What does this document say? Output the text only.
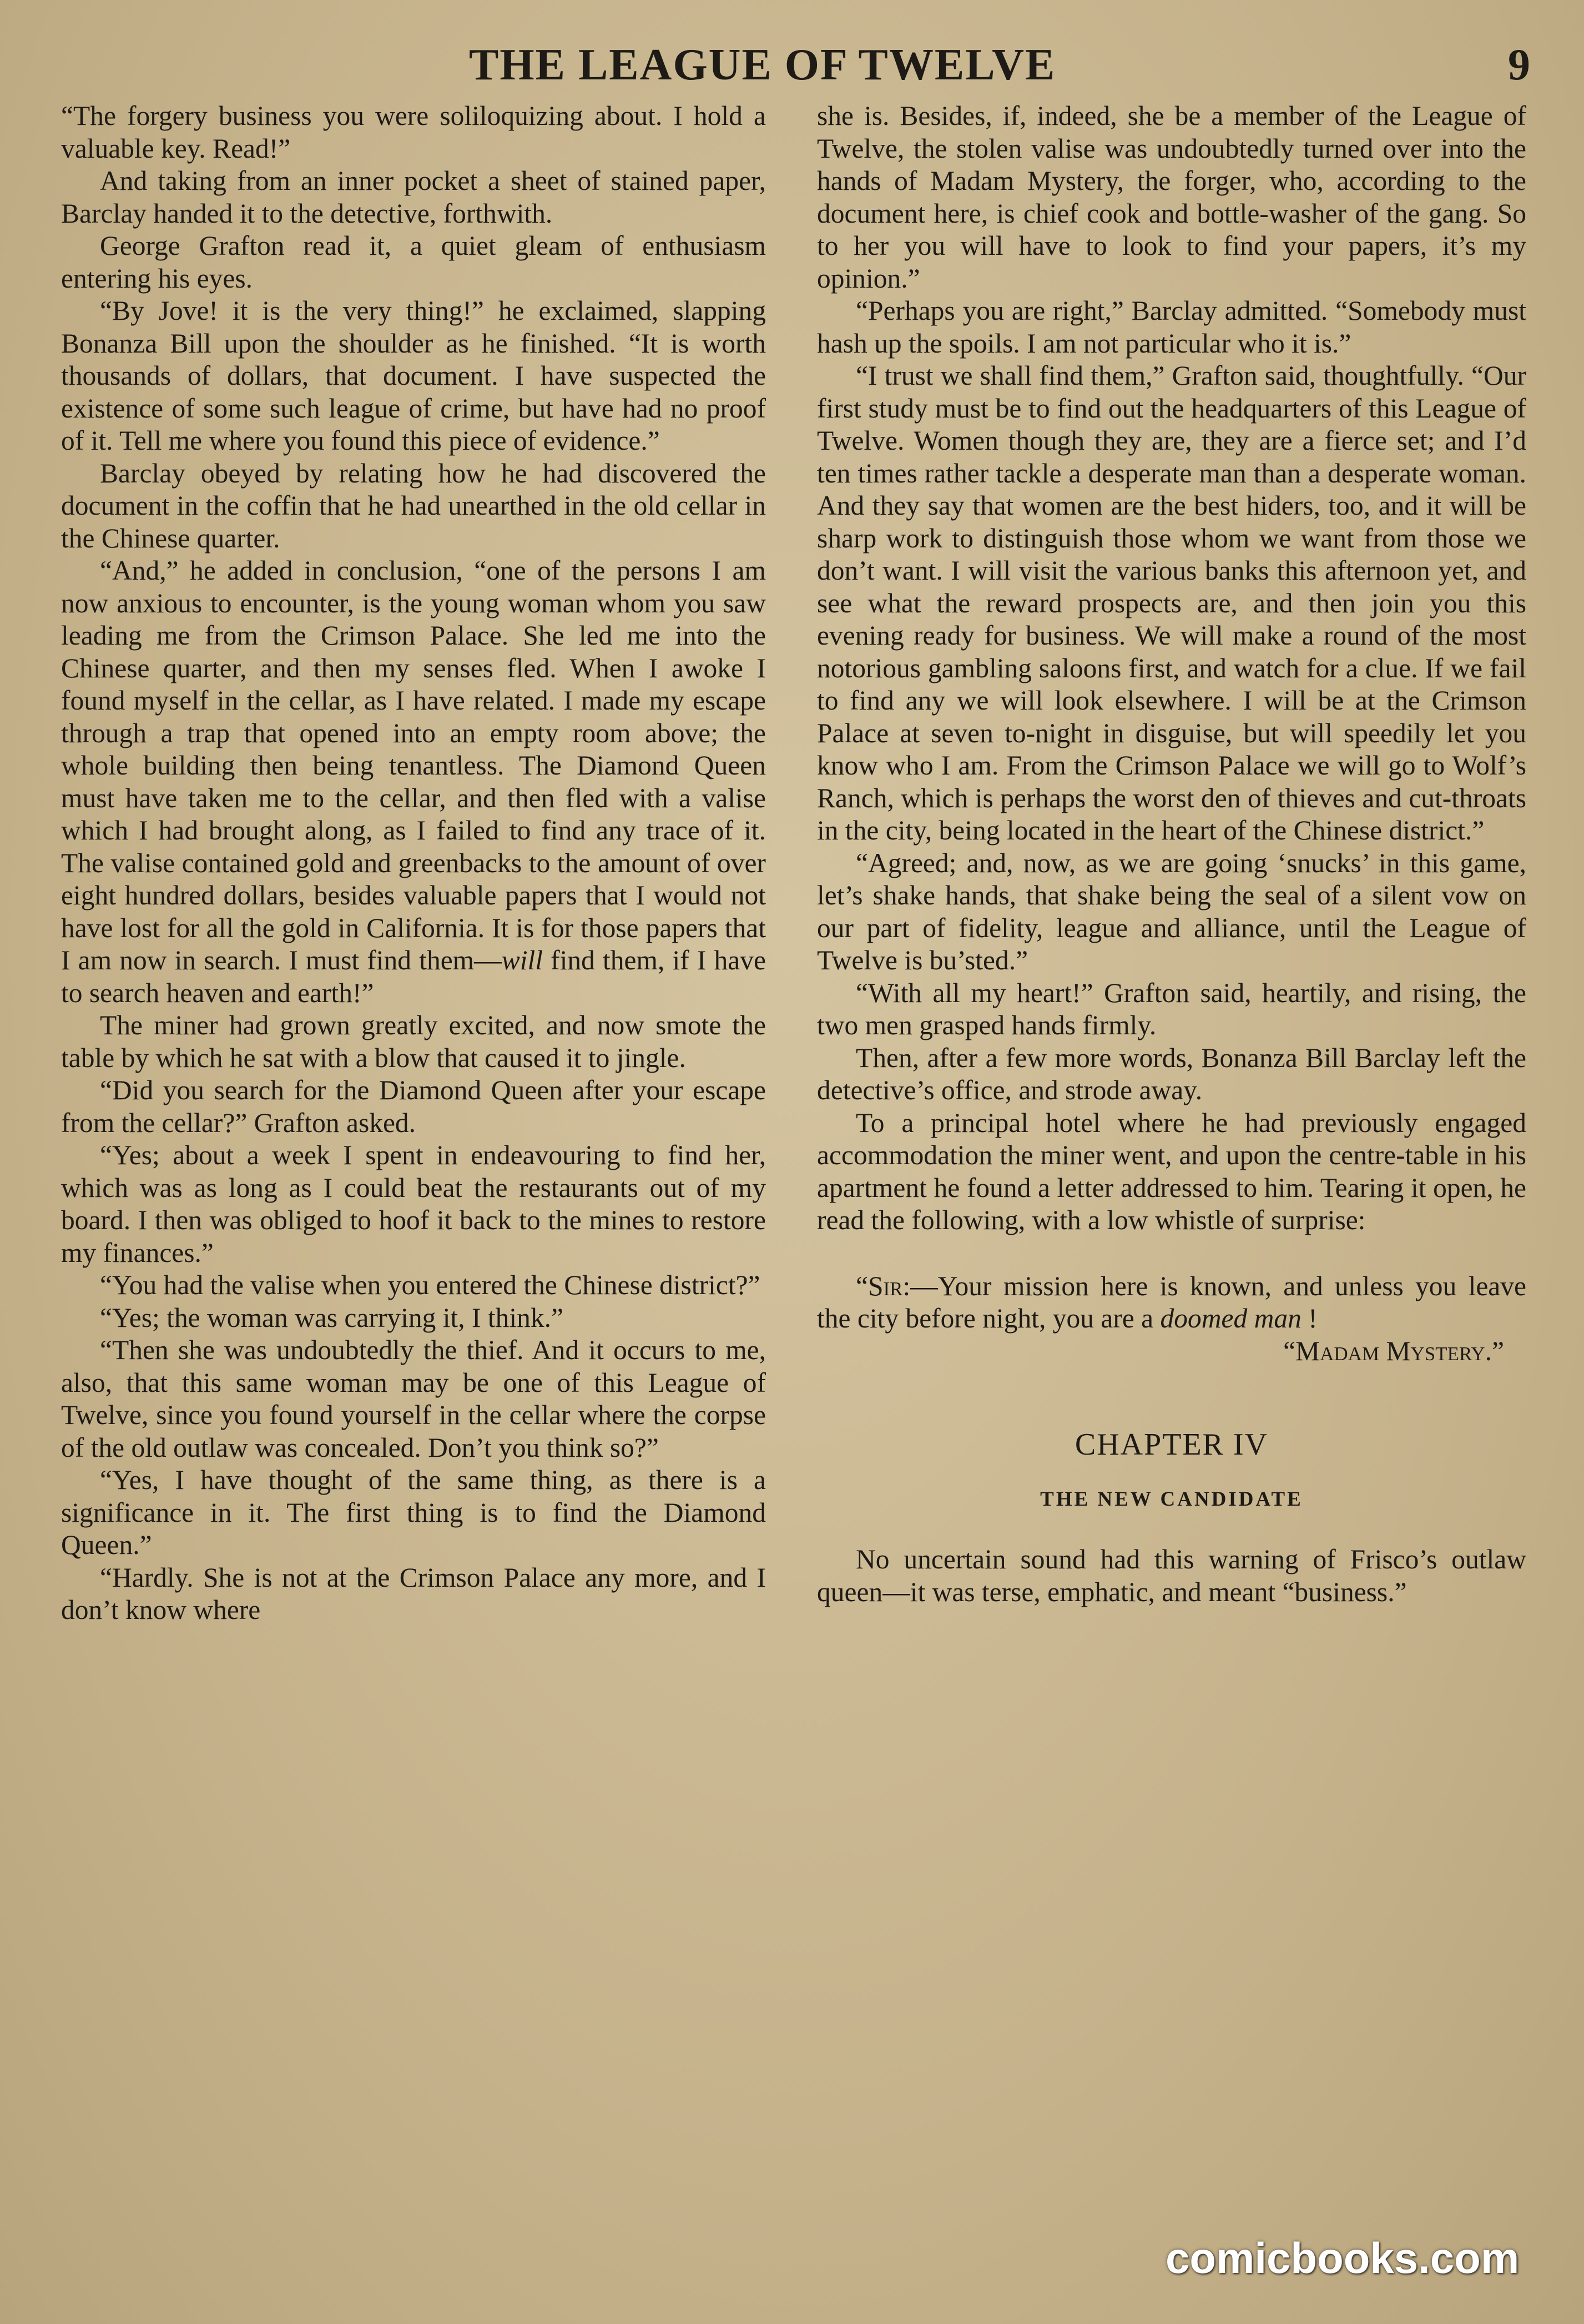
THE LEAGUE OF TWELVE	9

“The forgery business you were soliloquizing about. I hold a valuable key. Read!”

And taking from an inner pocket a sheet of stained paper, Barclay handed it to the detective, forthwith.

George Grafton read it, a quiet gleam of enthusiasm entering his eyes.

“By Jove! it is the very thing!” he exclaimed, slapping Bonanza Bill upon the shoulder as he finished. “It is worth thousands of dollars, that document. I have suspected the existence of some such league of crime, but have had no proof of it. Tell me where you found this piece of evidence.”

Barclay obeyed by relating how he had discovered the document in the coffin that he had unearthed in the old cellar in the Chinese quarter.

“And,” he added in conclusion, “one of the persons I am now anxious to encounter, is the young woman whom you saw leading me from the Crimson Palace. She led me into the Chinese quarter, and then my senses fled. When I awoke I found myself in the cellar, as I have related. I made my escape through a trap that opened into an empty room above; the whole building then being tenantless. The Diamond Queen must have taken me to the cellar, and then fled with a valise which I had brought along, as I failed to find any trace of it. The valise contained gold and greenbacks to the amount of over eight hundred dollars, besides valuable papers that I would not have lost for all the gold in California. It is for those papers that I am now in search. I must find them—will find them, if I have to search heaven and earth!”

The miner had grown greatly excited, and now smote the table by which he sat with a blow that caused it to jingle.

“Did you search for the Diamond Queen after your escape from the cellar?” Grafton asked.

“Yes; about a week I spent in endeavouring to find her, which was as long as I could beat the restaurants out of my board. I then was obliged to hoof it back to the mines to restore my finances.”

“You had the valise when you entered the Chinese district?”

“Yes; the woman was carrying it, I think.”

“Then she was undoubtedly the thief. And it occurs to me, also, that this same woman may be one of this League of Twelve, since you found yourself in the cellar where the corpse of the old outlaw was concealed. Don’t you think so?”

“Yes, I have thought of the same thing, as there is a significance in it. The first thing is to find the Diamond Queen.”

“Hardly. She is not at the Crimson Palace any more, and I don’t know where

she is. Besides, if, indeed, she be a member of the League of Twelve, the stolen valise was undoubtedly turned over into the hands of Madam Mystery, the forger, who, according to the document here, is chief cook and bottle-washer of the gang. So to her you will have to look to find your papers, it’s my opinion.”

“Perhaps you are right,” Barclay admitted. “Somebody must hash up the spoils. I am not particular who it is.”

“I trust we shall find them,” Grafton said, thoughtfully. “Our first study must be to find out the headquarters of this League of Twelve. Women though they are, they are a fierce set; and I’d ten times rather tackle a desperate man than a desperate woman. And they say that women are the best hiders, too, and it will be sharp work to distinguish those whom we want from those we don’t want. I will visit the various banks this afternoon yet, and see what the reward prospects are, and then join you this evening ready for business. We will make a round of the most notorious gambling saloons first, and watch for a clue. If we fail to find any we will look elsewhere. I will be at the Crimson Palace at seven to-night in disguise, but will speedily let you know who I am. From the Crimson Palace we will go to Wolf’s Ranch, which is perhaps the worst den of thieves and cut-throats in the city, being located in the heart of the Chinese district.”

“Agreed; and, now, as we are going ‘snucks’ in this game, let’s shake hands, that shake being the seal of a silent vow on our part of fidelity, league and alliance, until the League of Twelve is bu’sted.”

“With all my heart!” Grafton said, heartily, and rising, the two men grasped hands firmly.

Then, after a few more words, Bonanza Bill Barclay left the detective’s office, and strode away.

To a principal hotel where he had previously engaged accommodation the miner went, and upon the centre-table in his apartment he found a letter addressed to him. Tearing it open, he read the following, with a low whistle of surprise:

“Sir:—Your mission here is known, and unless you leave the city before night, you are a doomed man !

“Madam Mystery.”

CHAPTER IV
THE NEW CANDIDATE

No uncertain sound had this warning of Frisco’s outlaw queen—it was terse, emphatic, and meant “business.”

comicbooks.com
